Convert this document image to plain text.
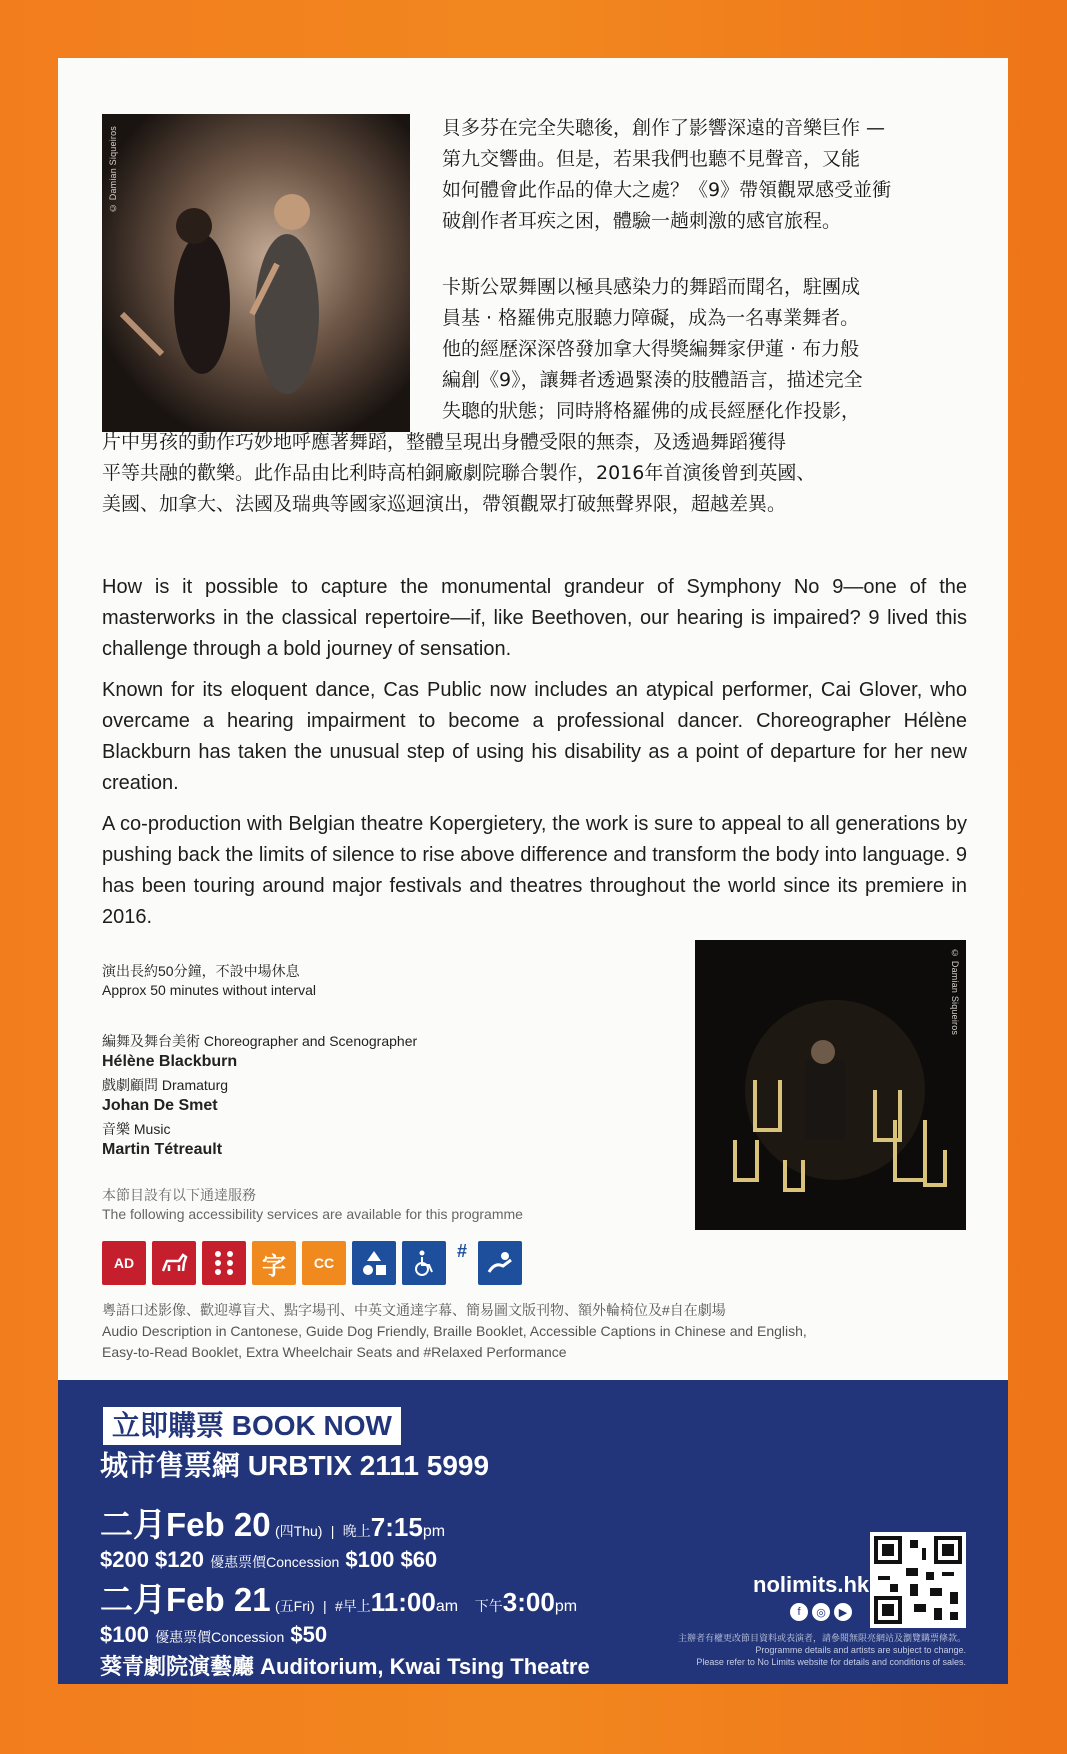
© Damian Siqueiros	貝多芬在完全失聰後，創作了影響深遠的音樂巨作 —

第九交響曲。但是，若果我們也聽不見聲音，又能

如何體會此作品的偉大之處？《9》帶領觀眾感受並衝

破創作者耳疾之困，體驗一趟刺激的感官旅程。

卡斯公眾舞團以極具感染力的舞蹈而聞名，駐團成

員基 · 格羅佛克服聽力障礙，成為一名專業舞者。

他的經歷深深啓發加拿大得獎編舞家伊蓮 · 布力般

編創《9》，讓舞者透過緊湊的肢體語言，描述完全

失聰的狀態；同時將格羅佛的成長經歷化作投影，

片中男孩的動作巧妙地呼應著舞蹈，整體呈現出身體受限的無柰，及透過舞蹈獲得

平等共融的歡樂。此作品由比利時高柏銅廠劇院聯合製作，2016年首演後曾到英國、

美國、加拿大、法國及瑞典等國家巡迴演出，帶領觀眾打破無聲界限，超越差異。

How is it possible to capture the monumental grandeur of Symphony No 9—one of the masterworks in the classical repertoire—if, like Beethoven, our hearing is impaired? 9 lived this challenge through a bold journey of sensation.

Known for its eloquent dance, Cas Public now includes an atypical performer, Cai Glover, who overcame a hearing impairment to become a professional dancer. Choreographer Hélène Blackburn has taken the unusual step of using his disability as a point of departure for her new creation.

A co-production with Belgian theatre Kopergietery, the work is sure to appeal to all generations by pushing back the limits of silence to rise above difference and transform the body into language. 9 has been touring around major festivals and theatres throughout the world since its premiere in 2016.

© Damian Siqueiros
演出長約50分鐘，不設中場休息
Approx 50 minutes without interval
編舞及舞台美術 Choreographer and Scenographer
Hélène Blackburn
戲劇顧問 Dramaturg
Johan De Smet
音樂 Music
Martin Tétreault
本節目設有以下通達服務
The following accessibility services are available for this programme
AD	字	CC
#
粵語口述影像、歡迎導盲犬、點字場刊、中英文通達字幕、簡易圖文版刊物、額外輪椅位及#自在劇場
Audio Description in Cantonese, Guide Dog Friendly, Braille Booklet, Accessible Captions in Chinese and English,
Easy-to-Read Booklet, Extra Wheelchair Seats and #Relaxed Performance
立即購票 BOOK NOW
城市售票網 URBTIX 2111 5999
二月Feb 20 (四Thu)  |  晚上7:15pm
$200 $120 優惠票價Concession $100 $60
二月Feb 21 (五Fri)  |  #早上11:00am 下午3:00pm
$100 優惠票價Concession $50
葵青劇院演藝廳 Auditorium, Kwai Tsing Theatre
nolimits.hk
f	◎	▶
主辦者有權更改節目資料或表演者，請參閱無限亮網站及瀏覽購票條款。
Programme details and artists are subject to change.
Please refer to No Limits website for details and conditions of sales.
